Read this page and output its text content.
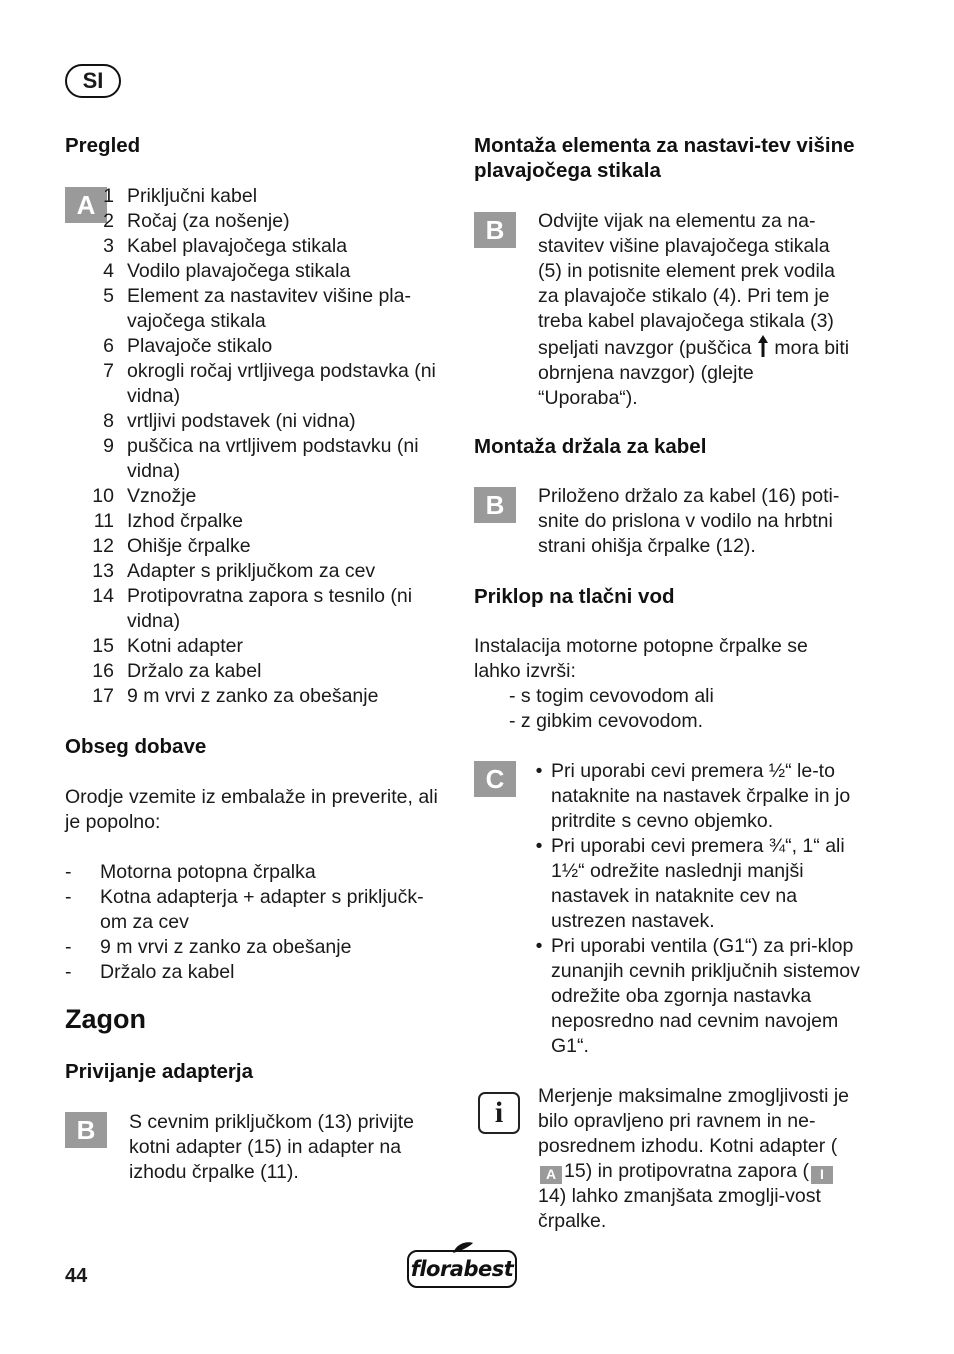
SI
Pregled
A 1 Priključni kabel
2 Ročaj (za nošenje)
3 Kabel plavajočega stikala
4 Vodilo plavajočega stikala
5 Element za nastavitev višine pla-vajočega stikala
6 Plavajoče stikalo
7 okrogli ročaj vrtljivega podstavka (ni vidna)
8 vrtljivi podstavek (ni vidna)
9 puščica na vrtljivem podstavku (ni vidna)
10 Vznožje
11 Izhod črpalke
12 Ohišje črpalke
13 Adapter s priključkom za cev
14 Protipovratna zapora s tesnilo (ni vidna)
15 Kotni adapter
16 Držalo za kabel
17 9 m vrvi z zanko za obešanje
Obseg dobave
Orodje vzemite iz embalaže in preverite, ali je popolno:
-	Motorna potopna črpalka
-	Kotna adapterja + adapter s priključk-om za cev
-	9 m vrvi z zanko za obešanje
-	Držalo za kabel
Zagon
Privijanje adapterja
B	S cevnim priključkom (13) privijte kotni adapter (15) in adapter na izhodu črpalke (11).
Montaža elementa za nastavi-tev višine plavajočega stikala
B	Odvijte vijak na elementu za na-stavitev višine plavajočega stikala (5) in potisnite element prek vodila za plavajoče stikalo (4). Pri tem je treba kabel plavajočega stikala (3) speljati navzgor (puščica  mora biti obrnjena navzgor) (glejte “Uporaba“).
Montaža držala za kabel
B	Priloženo držalo za kabel (16) poti-snite do prislona v vodilo na hrbtni strani ohišja črpalke (12).
Priklop na tlačni vod
Instalacija motorne potopne črpalke se lahko izvrši:
- s togim cevovodom ali
- z gibkim cevovodom.
C	• Pri uporabi cevi premera ½“ le-to nataknite na nastavek črpalke in jo pritrdite s cevno objemko.
• Pri uporabi cevi premera ¾“, 1“ ali 1½“ odrežite naslednji manjši nastavek in nataknite cev na ustrezen nastavek.
• Pri uporabi ventila (G1“) za pri-klop zunanjih cevnih priključnih sistemov odrežite oba zgornja nastavka neposredno nad cevnim navojem G1“.
i	Merjenje maksimalne zmogljivosti je bilo opravljeno pri ravnem in ne-posrednem izhodu. Kotni adapter (A 15) in protipovratna zapora ( I14) lahko zmanjšata zmoglji-vost črpalke.
44	florabest
